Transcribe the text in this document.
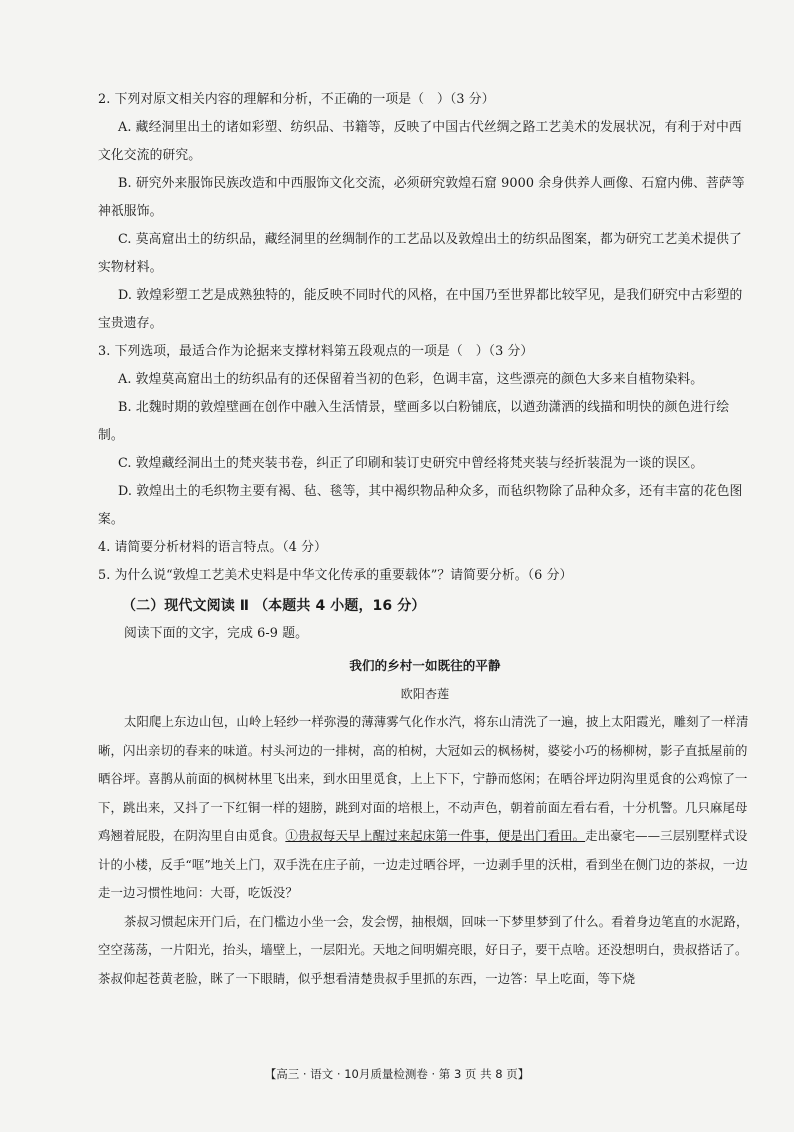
2. 下列对原文相关内容的理解和分析，不正确的一项是（　）（3 分）

A. 藏经洞里出土的诸如彩塑、纺织品、书籍等，反映了中国古代丝绸之路工艺美术的发展状况，有利于对中西文化交流的研究。

B. 研究外来服饰民族改造和中西服饰文化交流，必须研究敦煌石窟 9000 余身供养人画像、石窟内佛、菩萨等神祇服饰。

C. 莫高窟出土的纺织品，藏经洞里的丝绸制作的工艺品以及敦煌出土的纺织品图案，都为研究工艺美术提供了实物材料。

D. 敦煌彩塑工艺是成熟独特的，能反映不同时代的风格，在中国乃至世界都比较罕见，是我们研究中古彩塑的宝贵遗存。

3. 下列选项，最适合作为论据来支撑材料第五段观点的一项是（　）（3 分）

A. 敦煌莫高窟出土的纺织品有的还保留着当初的色彩，色调丰富，这些漂亮的颜色大多来自植物染料。

B. 北魏时期的敦煌壁画在创作中融入生活情景，壁画多以白粉铺底，以遒劲潇洒的线描和明快的颜色进行绘制。

C. 敦煌藏经洞出土的梵夹装书卷，纠正了印刷和装订史研究中曾经将梵夹装与经折装混为一谈的误区。

D. 敦煌出土的毛织物主要有褐、毡、毯等，其中褐织物品种众多，而毡织物除了品种众多，还有丰富的花色图案。

4. 请简要分析材料的语言特点。（4 分）

5. 为什么说“敦煌工艺美术史料是中华文化传承的重要载体”？请简要分析。（6 分）

（二）现代文阅读 Ⅱ （本题共 4 小题，16 分）

阅读下面的文字，完成 6-9 题。

我们的乡村一如既往的平静

欧阳杏莲

太阳爬上东边山包，山岭上轻纱一样弥漫的薄薄雾气化作水汽，将东山清洗了一遍，披上太阳霞光，雕刻了一样清晰，闪出亲切的春来的味道。村头河边的一排树，高的柏树，大冠如云的枫杨树，婆娑小巧的杨柳树，影子直抵屋前的晒谷坪。喜鹊从前面的枫树林里飞出来，到水田里觅食，上上下下，宁静而悠闲；在晒谷坪边阴沟里觅食的公鸡惊了一下，跳出来，又抖了一下红铜一样的翅膀，跳到对面的培根上，不动声色，朝着前面左看右看，十分机警。几只麻尾母鸡翘着屁股，在阴沟里自由觅食。①贵叔每天早上醒过来起床第一件事，便是出门看田。走出豪宅——三层别墅样式设计的小楼，反手“哐”地关上门，双手洗在庄子前，一边走过晒谷坪，一边剥手里的沃柑，看到坐在侧门边的茶叔，一边走一边习惯性地问：大哥，吃饭没？

茶叔习惯起床开门后，在门槛边小坐一会，发会愣，抽根烟，回味一下梦里梦到了什么。看着身边笔直的水泥路，空空荡荡，一片阳光，抬头，墙壁上，一层阳光。天地之间明媚亮眼，好日子，要干点啥。还没想明白，贵叔搭话了。茶叔仰起苍黄老脸，眯了一下眼睛，似乎想看清楚贵叔手里抓的东西，一边答：早上吃面，等下烧

【高三 · 语文 · 10月质量检测卷 · 第 3 页 共 8 页】
